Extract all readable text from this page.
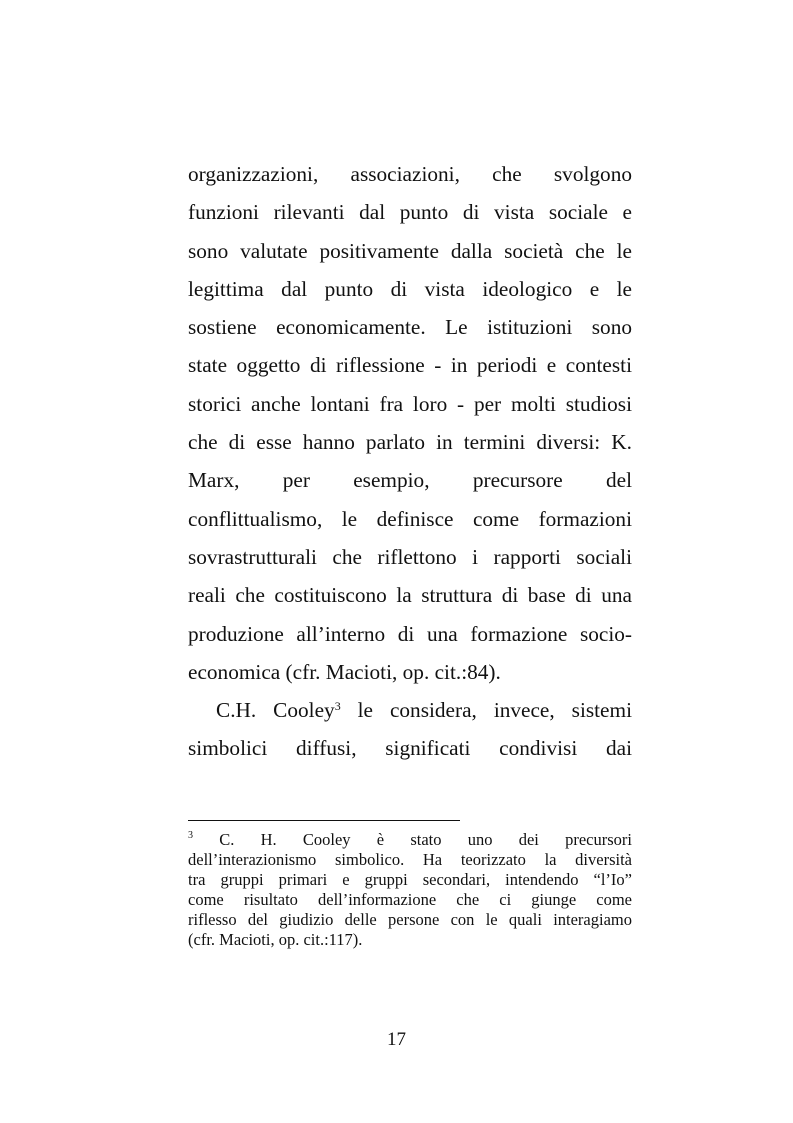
organizzazioni, associazioni, che svolgono
funzioni rilevanti dal punto di vista sociale e
sono valutate positivamente dalla società che le
legittima dal punto di vista ideologico e le
sostiene economicamente. Le istituzioni sono
state oggetto di riflessione - in periodi e contesti
storici anche lontani fra loro - per molti studiosi
che di esse hanno parlato in termini diversi: K.
Marx, per esempio, precursore del
conflittualismo, le definisce come formazioni
sovrastrutturali che riflettono i rapporti sociali
reali che costituiscono la struttura di base di una
produzione all’interno di una formazione socio-
economica (cfr. Macioti, op. cit.:84).
C.H. Cooley$^3$ le considera, invece, sistemi
simbolici diffusi, significati condivisi dai
$^3$ C. H. Cooley è stato uno dei precursori
dell’interazionismo simbolico. Ha teorizzato la diversità
tra gruppi primari e gruppi secondari, intendendo “l’Io”
come risultato dell’informazione che ci giunge come
riflesso del giudizio delle persone con le quali interagiamo
(cfr. Macioti, op. cit.:117).
17
